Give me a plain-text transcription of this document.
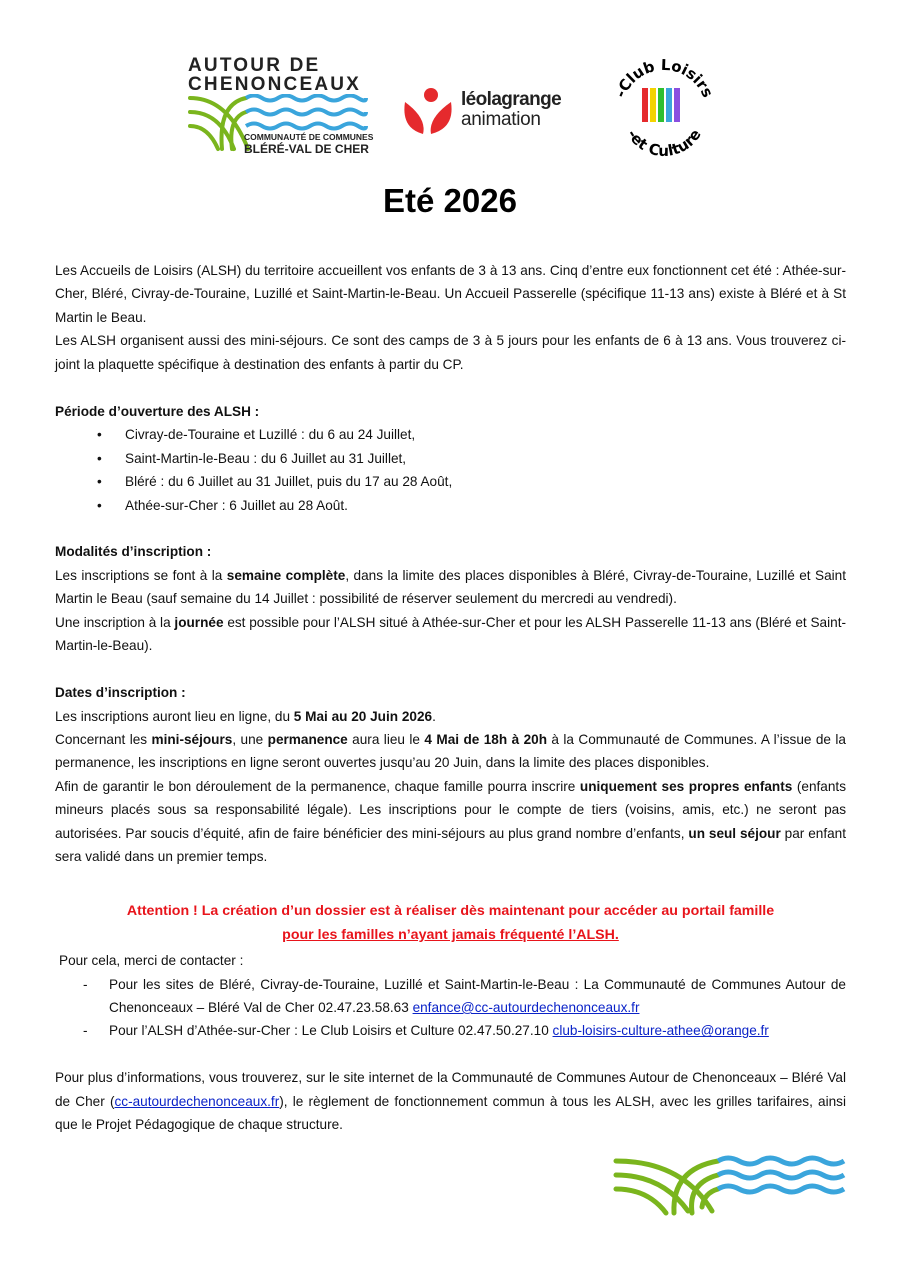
AUTOUR DE
CHENONCEAUX
COMMUNAUTÉ DE COMMUNES
BLÉRÉ-VAL DE CHER
léolagrange
animation
-Club Loisirs
-et Culture
Eté 2026

Les Accueils de Loisirs (ALSH) du territoire accueillent vos enfants de 3 à 13 ans. Cinq d’entre eux fonctionnent cet été : Athée-sur-Cher, Bléré, Civray-de-Touraine, Luzillé et Saint-Martin-le-Beau. Un Accueil Passerelle (spécifique 11-13 ans) existe à Bléré et à St Martin le Beau.

Les ALSH organisent aussi des mini-séjours. Ce sont des camps de 3 à 5 jours pour les enfants de 6 à 13 ans. Vous trouverez ci-joint la plaquette spécifique à destination des enfants à partir du CP.

Période d’ouverture des ALSH :

• Civray-de-Touraine et Luzillé : du 6 au 24 Juillet,
• Saint-Martin-le-Beau : du 6 Juillet au 31 Juillet,
• Bléré : du 6 Juillet au 31 Juillet, puis du 17 au 28 Août,
• Athée-sur-Cher : 6 Juillet au 28 Août.

Modalités d’inscription :

Les inscriptions se font à la semaine complète, dans la limite des places disponibles à Bléré, Civray-de-Touraine, Luzillé et Saint Martin le Beau (sauf semaine du 14 Juillet : possibilité de réserver seulement du mercredi au vendredi).

Une inscription à la journée est possible pour l’ALSH situé à Athée-sur-Cher et pour les ALSH Passerelle 11-13 ans (Bléré et Saint-Martin-le-Beau).

Dates d’inscription :

Les inscriptions auront lieu en ligne, du 5 Mai au 20 Juin 2026.

Concernant les mini-séjours, une permanence aura lieu le 4 Mai de 18h à 20h à la Communauté de Communes. A l’issue de la permanence, les inscriptions en ligne seront ouvertes jusqu’au 20 Juin, dans la limite des places disponibles.

Afin de garantir le bon déroulement de la permanence, chaque famille pourra inscrire uniquement ses propres enfants (enfants mineurs placés sous sa responsabilité légale). Les inscriptions pour le compte de tiers (voisins, amis, etc.) ne seront pas autorisées. Par soucis d’équité, afin de faire bénéficier des mini-séjours au plus grand nombre d’enfants, un seul séjour par enfant sera validé dans un premier temps.

Attention ! La création d’un dossier est à réaliser dès maintenant pour accéder au portail famille
pour les familles n’ayant jamais fréquenté l’ALSH.

Pour cela, merci de contacter :

- Pour les sites de Bléré, Civray-de-Touraine, Luzillé et Saint-Martin-le-Beau : La Communauté de Communes Autour de Chenonceaux – Bléré Val de Cher 02.47.23.58.63 enfance@cc-autourdechenonceaux.fr
- Pour l’ALSH d’Athée-sur-Cher : Le Club Loisirs et Culture 02.47.50.27.10 club-loisirs-culture-athee@orange.fr

Pour plus d’informations, vous trouverez, sur le site internet de la Communauté de Communes Autour de Chenonceaux – Bléré Val de Cher (cc-autourdechenonceaux.fr), le règlement de fonctionnement commun à tous les ALSH, avec les grilles tarifaires, ainsi que le Projet Pédagogique de chaque structure.
